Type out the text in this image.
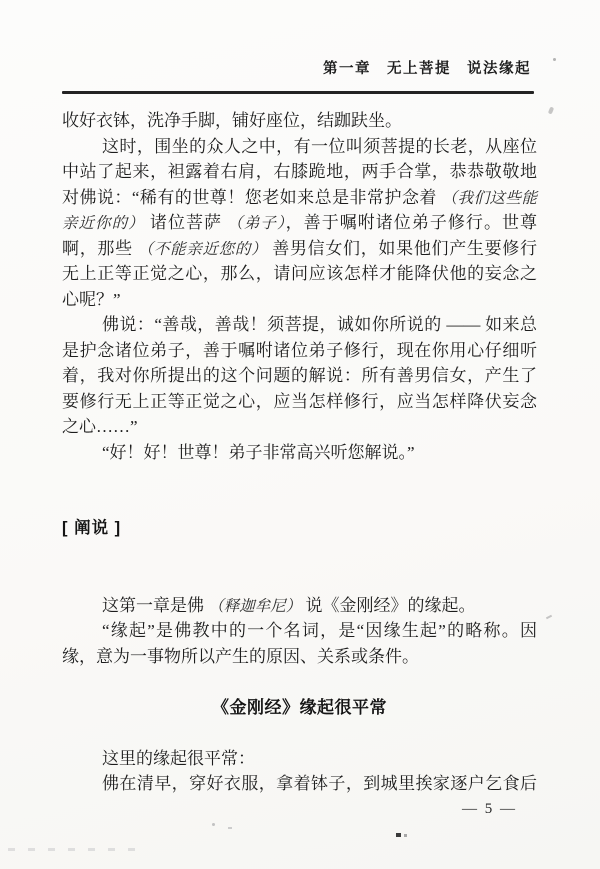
第一章　无上菩提　说法缘起
收好衣钵，洗净手脚，铺好座位，结跏趺坐。
这时，围坐的众人之中，有一位叫须菩提的长老，从座位
中站了起来，袒露着右肩，右膝跪地，两手合掌，恭恭敬敬地
对佛说：“稀有的世尊！您老如来总是非常护念着 （我们这些能
亲近你的） 诸位菩萨 （弟子），善于嘱咐诸位弟子修行。世尊
啊，那些 （不能亲近您的） 善男信女们，如果他们产生要修行
无上正等正觉之心，那么，请问应该怎样才能降伏他的妄念之
心呢？”
佛说：“善哉，善哉！须菩提，诚如你所说的 —— 如来总
是护念诸位弟子，善于嘱咐诸位弟子修行，现在你用心仔细听
着，我对你所提出的这个问题的解说：所有善男信女，产生了
要修行无上正等正觉之心，应当怎样修行，应当怎样降伏妄念
之心……”
“好！好！世尊！弟子非常高兴听您解说。”

[ 阐说 ]

这第一章是佛 （释迦牟尼） 说《金刚经》的缘起。
“缘起”是佛教中的一个名词，是“因缘生起”的略称。因
缘，意为一事物所以产生的原因、关系或条件。

《金刚经》缘起很平常

这里的缘起很平常：
佛在清早，穿好衣服，拿着钵子，到城里挨家逐户乞食后
— 5 —
